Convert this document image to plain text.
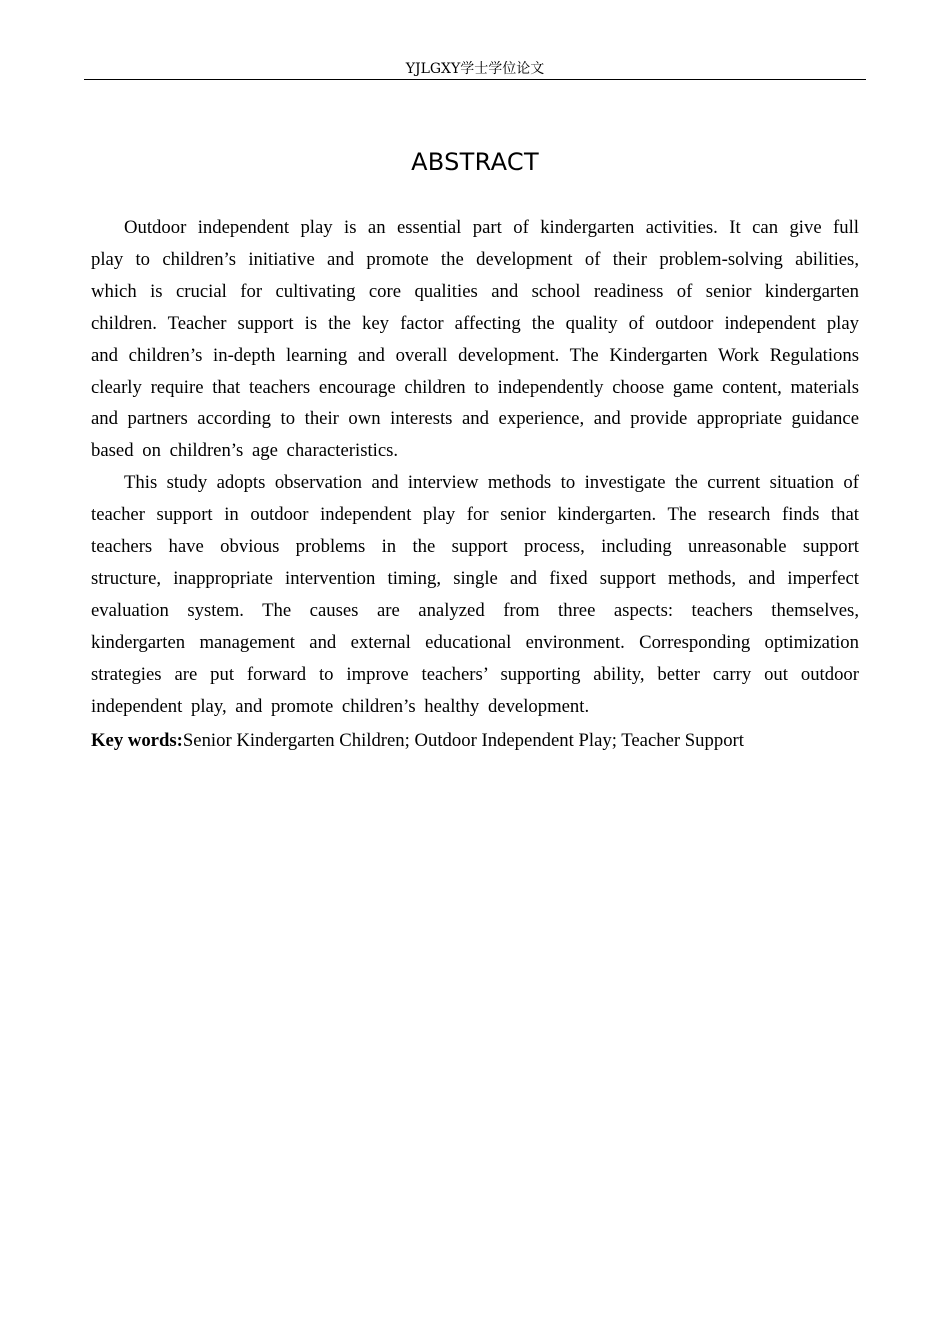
YJLGXY学士学位论文
ABSTRACT

Outdoor independent play is an essential part of kindergarten activities. It can give full play to children’s initiative and promote the development of their problem-solving abilities, which is crucial for cultivating core qualities and school readiness of senior kindergarten children. Teacher support is the key factor affecting the quality of outdoor independent play and children’s in-depth learning and overall development. The Kindergarten Work Regulations clearly require that teachers encourage children to independently choose game content, materials and partners according to their own interests and experience, and provide appropriate guidance based on children’s age characteristics.

This study adopts observation and interview methods to investigate the current situation of teacher support in outdoor independent play for senior kindergarten. The research finds that teachers have obvious problems in the support process, including unreasonable support structure, inappropriate intervention timing, single and fixed support methods, and imperfect evaluation system. The causes are analyzed from three aspects: teachers themselves, kindergarten management and external educational environment. Corresponding optimization strategies are put forward to improve teachers’ supporting ability, better carry out outdoor independent play, and promote children’s healthy development.

Key words:Senior Kindergarten Children; Outdoor Independent Play; Teacher Support
